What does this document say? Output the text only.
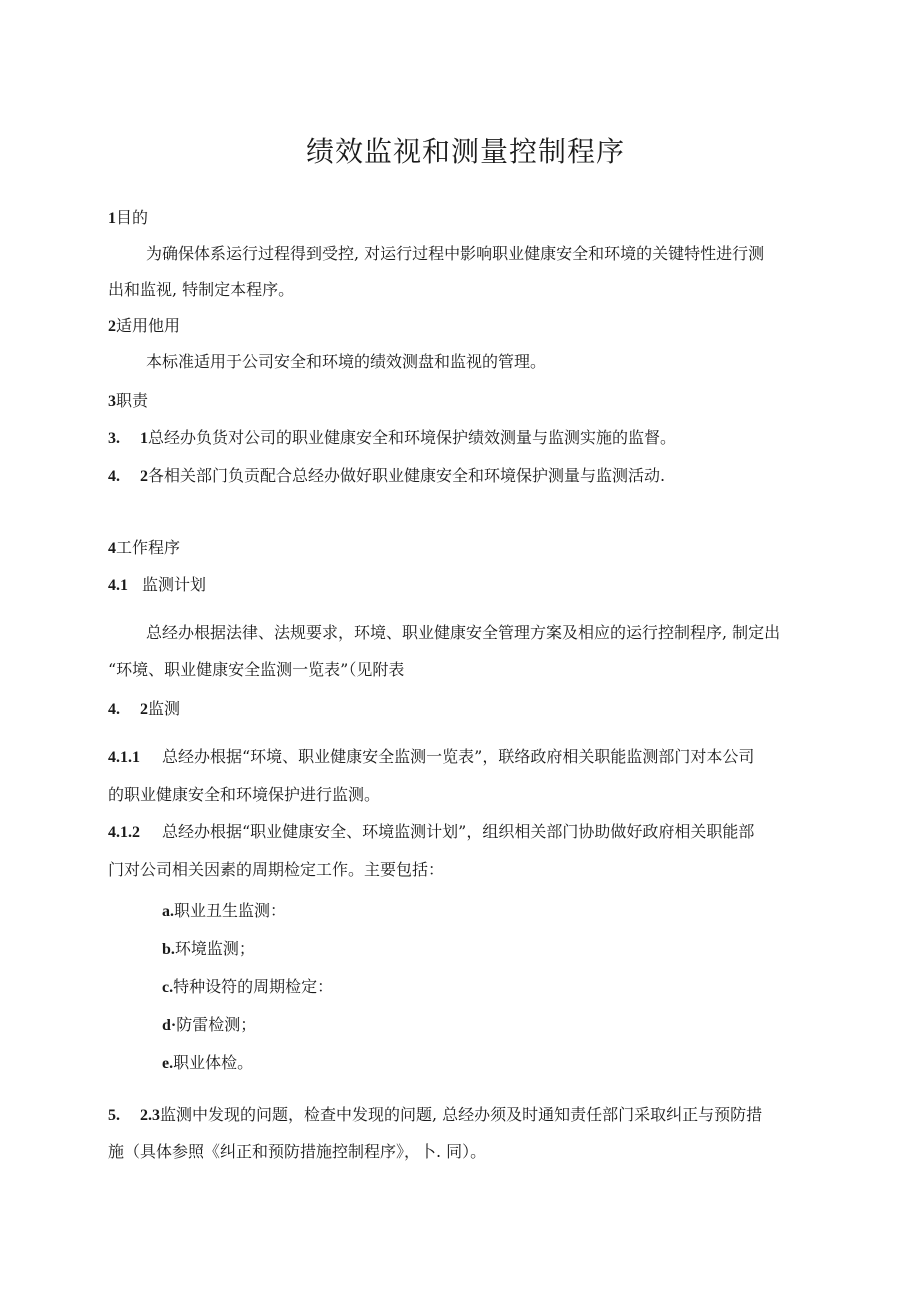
绩效监视和测量控制程序
1目的
为确保体系运行过程得到受控, 对运行过程中影响职业健康安全和环境的关键特性进行测
出和监视, 特制定本程序。
2适用他用
本标准适用于公司安全和环境的绩效测盘和监视的管理。
3职责
3. 1总经办负货对公司的职业健康安全和环境保护绩效测量与监测实施的监督。
4. 2各相关部门负贡配合总经办做好职业健康安全和环境保护测量与监测活动.
4工作程序
4.1 监测计划
总经办根据法律、法规要求，环境、职业健康安全管理方案及相应的运行控制程序, 制定出
“环境、职业健康安全监测一览表”（见附表
4. 2监测
4.1.1 总经办根据“环境、职业健康安全监测一览表”，联络政府相关职能监测部门对本公司
的职业健康安全和环境保护进行监测。
4.1.2 总经办根据“职业健康安全、环境监测计划”，组织相关部门协助做好政府相关职能部
门对公司相关因素的周期检定工作。主要包括：
a.职业丑生监测：
b.环境监测；
c.特种设符的周期检定：
d·防雷检测；
e.职业体检。
5. 2.3监测中发现的问题，检查中发现的问题, 总经办须及时通知责任部门采取纠正与预防措
施（具体参照《纠正和预防措施控制程序》，卜. 同）。
